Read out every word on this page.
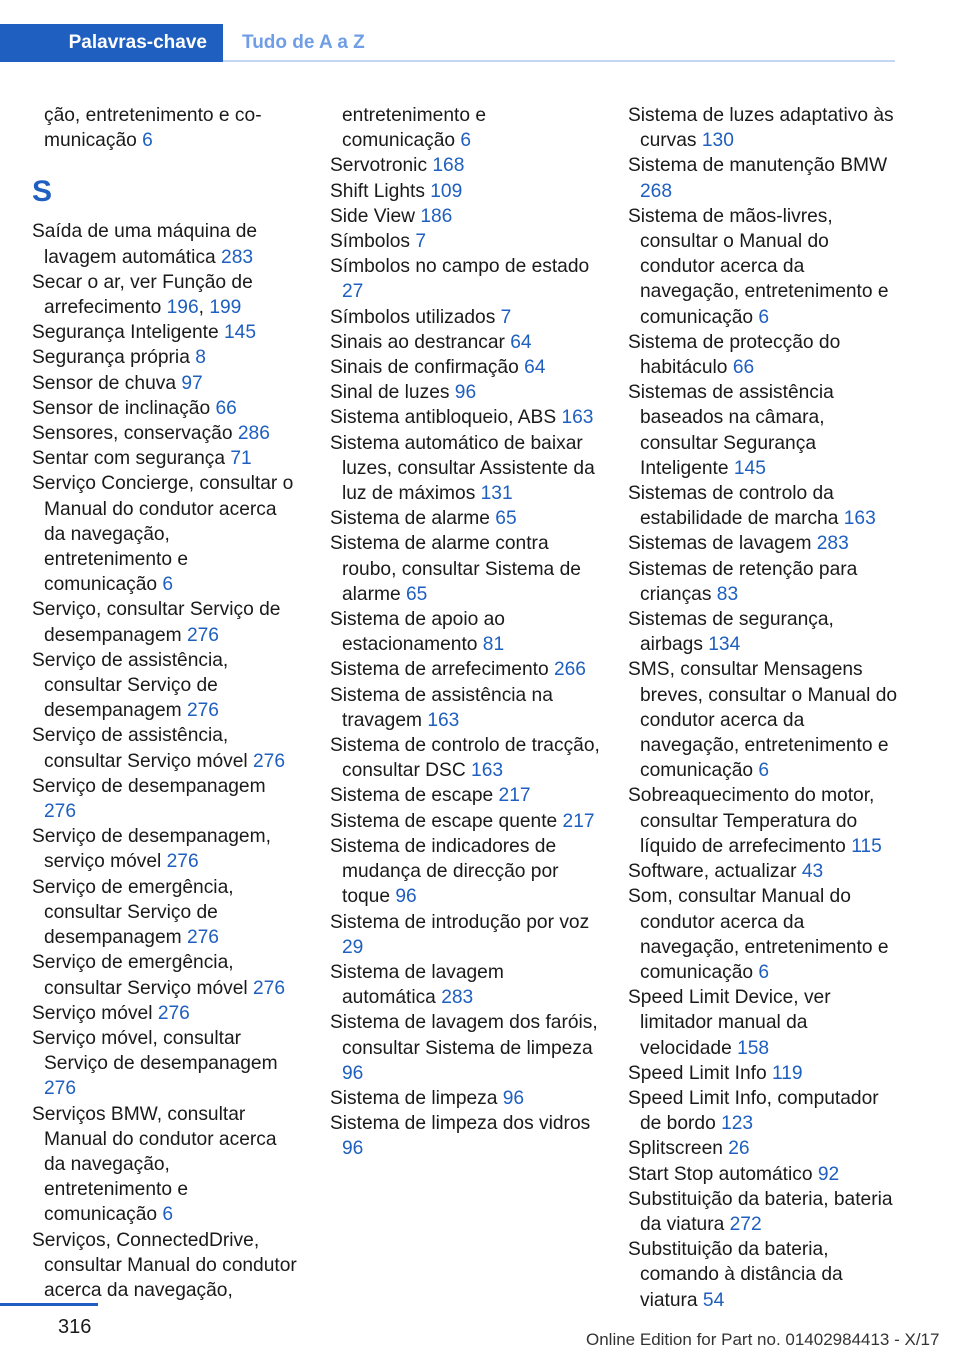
Palavras-chave	Tudo de A a Z
ção, entretenimento e co-
municação 6
S
Saída de uma máquina de lavagem automática 283
Secar o ar, ver Função de arrefecimento 196, 199
Segurança Inteligente 145
Segurança própria 8
Sensor de chuva 97
Sensor de inclinação 66
Sensores, conservação 286
Sentar com segurança 71
Serviço Concierge, consultar o Manual do condutor acerca da navegação, entretenimento e comunicação 6
Serviço, consultar Serviço de desempanagem 276
Serviço de assistência, consultar Serviço de desempanagem 276
Serviço de assistência, consultar Serviço móvel 276
Serviço de desempanagem 276
Serviço de desempanagem, serviço móvel 276
Serviço de emergência, consultar Serviço de desempanagem 276
Serviço de emergência, consultar Serviço móvel 276
Serviço móvel 276
Serviço móvel, consultar Serviço de desempanagem 276
Serviços BMW, consultar Manual do condutor acerca da navegação, entretenimento e comunicação 6
Serviços, ConnectedDrive, consultar Manual do condutor acerca da navegação,
entretenimento e comunicação 6
Servotronic 168
Shift Lights 109
Side View 186
Símbolos 7
Símbolos no campo de estado 27
Símbolos utilizados 7
Sinais ao destrancar 64
Sinais de confirmação 64
Sinal de luzes 96
Sistema antibloqueio, ABS 163
Sistema automático de baixar luzes, consultar Assistente da luz de máximos 131
Sistema de alarme 65
Sistema de alarme contra roubo, consultar Sistema de alarme 65
Sistema de apoio ao estacionamento 81
Sistema de arrefecimento 266
Sistema de assistência na travagem 163
Sistema de controlo de tracção, consultar DSC 163
Sistema de escape 217
Sistema de escape quente 217
Sistema de indicadores de mudança de direcção por toque 96
Sistema de introdução por voz 29
Sistema de lavagem automática 283
Sistema de lavagem dos faróis, consultar Sistema de limpeza 96
Sistema de limpeza 96
Sistema de limpeza dos vidros 96
Sistema de luzes adaptativo às curvas 130
Sistema de manutenção BMW 268
Sistema de mãos-livres, consultar o Manual do condutor acerca da navegação, entretenimento e comunicação 6
Sistema de protecção do habitáculo 66
Sistemas de assistência baseados na câmara, consultar Segurança Inteligente 145
Sistemas de controlo da estabilidade de marcha 163
Sistemas de lavagem 283
Sistemas de retenção para crianças 83
Sistemas de segurança, airbags 134
SMS, consultar Mensagens breves, consultar o Manual do condutor acerca da navegação, entretenimento e comunicação 6
Sobreaquecimento do motor, consultar Temperatura do líquido de arrefecimento 115
Software, actualizar 43
Som, consultar Manual do condutor acerca da navegação, entretenimento e comunicação 6
Speed Limit Device, ver limitador manual da velocidade 158
Speed Limit Info 119
Speed Limit Info, computador de bordo 123
Splitscreen 26
Start Stop automático 92
Substituição da bateria, bateria da viatura 272
Substituição da bateria, comando à distância da viatura 54
316
Online Edition for Part no. 01402984413 - X/17
